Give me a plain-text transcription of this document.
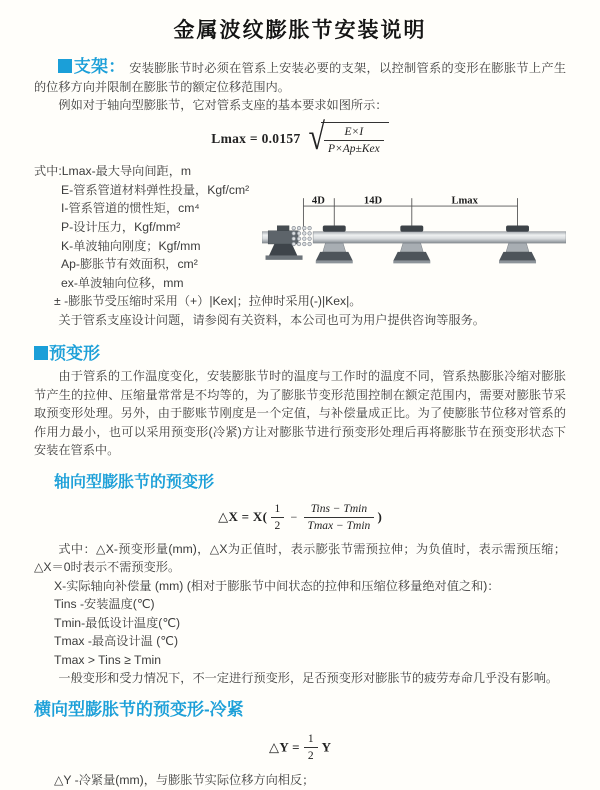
金属波纹膨胀节安装说明

支架： 安装膨胀节时必须在管系上安装必要的支架，以控制管系的变形在膨胀节上产生的位移方向并限制在膨胀节的额定位移范围内。

例如对于轴向型膨胀节，它对管系支座的基本要求如图所示：

Lmax = 0.0157 √ $\frac{E\times I}{\text{P×Ap±Kex}}$
式中:Lmax-最大导向间距，m
E-管系管道材料弹性投量，Kgf/cm²
I-管系管道的惯性矩，cm⁴
P-设计压力，Kgf/mm²
K-单波轴向刚度；Kgf/mm
Ap-膨胀节有效面积，cm²
ex-单波轴向位移，mm
4D	14D	Lmax
± -膨胀节受压缩时采用（+）|Kex|；拉伸时采用(-)|Kex|。
关于管系支座设计问题，请参阅有关资料，本公司也可为用户提供咨询等服务。
预变形

由于管系的工作温度变化，安装膨胀节时的温度与工作时的温度不同，管系热膨胀冷缩对膨胀节产生的拉伸、压缩量常常是不均等的，为了膨胀节变形范围控制在额定范围内，需要对膨胀节采取预变形处理。另外，由于膨账节刚度是一个定值，与补偿量成正比。为了使膨胀节位移对管系的作用力最小，也可以采用预变形(冷紧)方让对膨胀节进行预变形处理后再将膨胀节在预变形状态下安装在管系中。

轴向型膨胀节的预变形
△X = $X( \frac{1}{2} - \frac{\text{Tins − Tmin}}{Tmax - Tmin}$ )

式中：△X-预变形量(mm)，△X为正值时，表示膨张节需预拉伸；为负值时，表示需预压缩；△X＝0时表示不需预变形。

X-实际轴向补偿量 (mm) (相对于膨胀节中间状态的拉伸和压缩位移量绝对值之和)：
Tins -安装温度(℃)
Tmin-最低设计温度(℃)
Tmax -最高设计温 (℃)
Tmax > Tins ≥ Tmin

一般变形和受力情况下，不一定进行预变形，足否预变形对膨胀节的疲劳寿命几乎没有影响。

横向型膨胀节的预变形-冷紧
△Y = $\frac{1}{2}$ Y
△Y -冷紧量(mm)，与膨胀节实际位移方向相反；
